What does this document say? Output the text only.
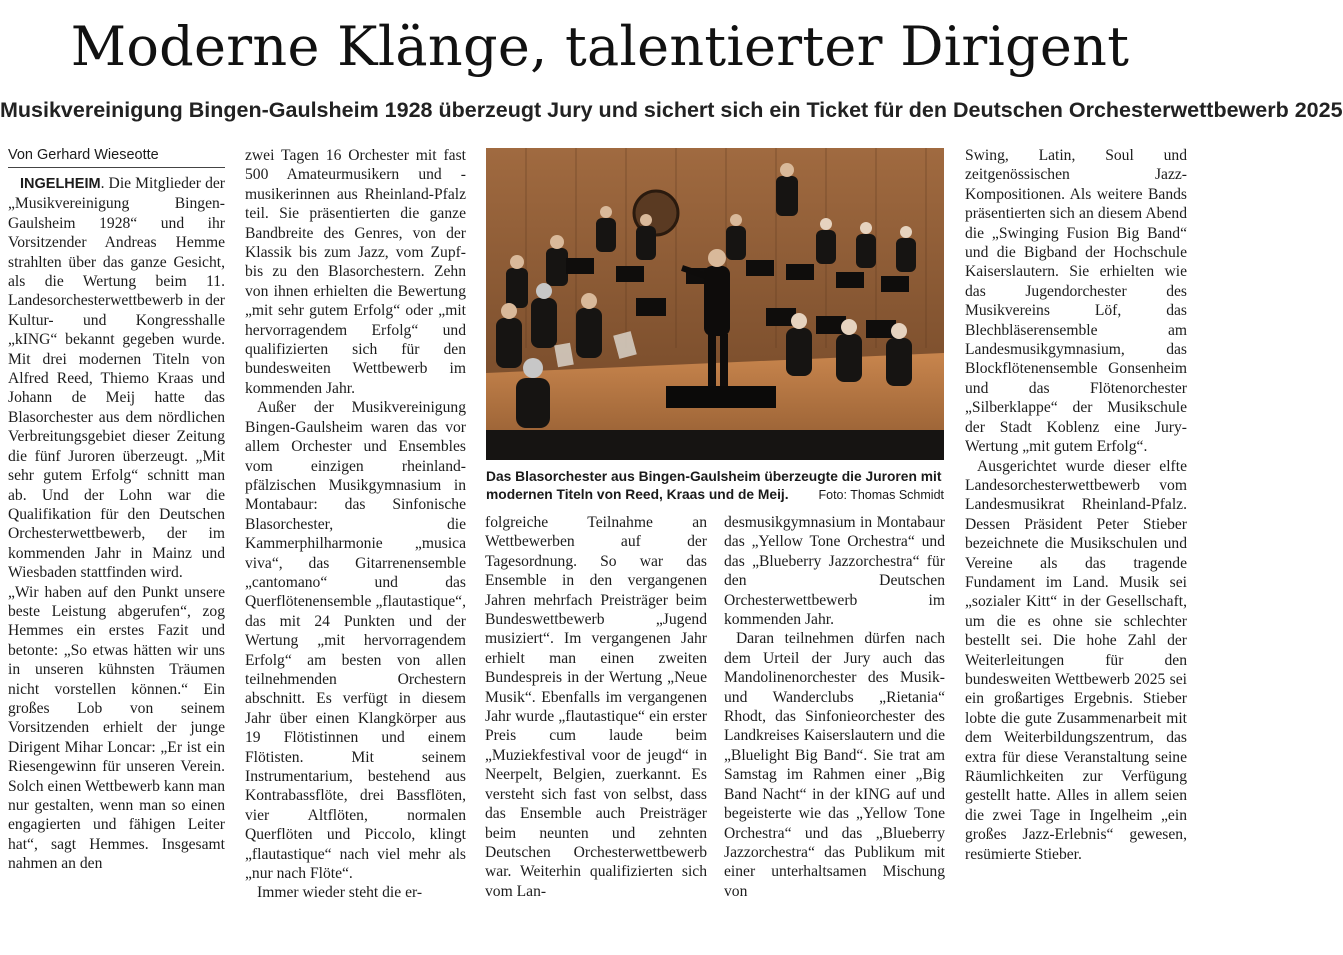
Moderne Klänge, talentierter Dirigent
Musikvereinigung Bingen-Gaulsheim 1928 überzeugt Jury und sichert sich ein Ticket für den Deutschen Orchesterwettbewerb 2025
Von Gerhard Wieseotte

INGELHEIM. Die Mitglieder der „Musikvereinigung Bingen-Gaulsheim 1928“ und ihr Vorsitzender Andreas Hemme strahlten über das ganze Gesicht, als die Wertung beim 11. Landesorchesterwettbewerb in der Kultur- und Kongresshalle „kING“ bekannt gegeben wurde. Mit drei modernen Titeln von Alfred Reed, Thiemo Kraas und Johann de Meij hatte das Blasorchester aus dem nördlichen Verbreitungsgebiet dieser Zeitung die fünf Juroren überzeugt. „Mit sehr gutem Erfolg“ schnitt man ab. Und der Lohn war die Qualifikation für den Deutschen Orchesterwettbewerb, der im kommenden Jahr in Mainz und Wiesbaden stattfinden wird.

„Wir haben auf den Punkt unsere beste Leistung abgerufen“, zog Hemmes ein erstes Fazit und betonte: „So etwas hätten wir uns in unseren kühnsten Träumen nicht vorstellen können.“ Ein großes Lob von seinem Vorsitzenden erhielt der junge Dirigent Mihar Loncar: „Er ist ein Riesengewinn für unseren Verein. Solch einen Wettbewerb kann man nur gestalten, wenn man so einen engagierten und fähigen Leiter hat“, sagt Hemmes. Insgesamt nahmen an den

zwei Tagen 16 Orchester mit fast 500 Amateurmusikern und -musikerinnen aus Rheinland-Pfalz teil. Sie präsentierten die ganze Bandbreite des Genres, von der Klassik bis zum Jazz, vom Zupf- bis zu den Blasorchestern. Zehn von ihnen erhielten die Bewertung „mit sehr gutem Erfolg“ oder „mit hervorragendem Erfolg“ und qualifizierten sich für den bundesweiten Wettbewerb im kommenden Jahr.

Außer der Musikvereinigung Bingen-Gaulsheim waren das vor allem Orchester und Ensembles vom einzigen rheinland-pfälzischen Musikgymnasium in Montabaur: das Sinfonische Blasorchester, die Kammerphilharmonie „musica viva“, das Gitarrenensemble „cantomano“ und das Querflötenensemble „flautastique“, das mit 24 Punkten und der Wertung „mit hervorragendem Erfolg“ am besten von allen teilnehmenden Orchestern abschnitt. Es verfügt in diesem Jahr über einen Klangkörper aus 19 Flötistinnen und einem Flötisten. Mit seinem Instrumentarium, bestehend aus Kontrabassflöte, drei Bassflöten, vier Altflöten, normalen Querflöten und Piccolo, klingt „flautastique“ nach viel mehr als „nur nach Flöte“.

Immer wieder steht die er-

Das Blasorchester aus Bingen-Gaulsheim überzeugte die Juroren mit modernen Titeln von Reed, Kraas und de Meij. Foto: Thomas Schmidt

folgreiche Teilnahme an Wettbewerben auf der Tagesordnung. So war das Ensemble in den vergangenen Jahren mehrfach Preisträger beim Bundeswettbewerb „Jugend musiziert“. Im vergangenen Jahr erhielt man einen zweiten Bundespreis in der Wertung „Neue Musik“. Ebenfalls im vergangenen Jahr wurde „flautastique“ ein erster Preis cum laude beim „Muziekfestival voor de jeugd“ in Neerpelt, Belgien, zuerkannt. Es versteht sich fast von selbst, dass das Ensemble auch Preisträger beim neunten und zehnten Deutschen Orchesterwettbewerb war. Weiterhin qualifizierten sich vom Lan-

desmusikgymnasium in Montabaur das „Yellow Tone Orchestra“ und das „Blueberry Jazzorchestra“ für den Deutschen Orchesterwettbewerb im kommenden Jahr.

Daran teilnehmen dürfen nach dem Urteil der Jury auch das Mandolinenorchester des Musik- und Wanderclubs „Rietania“ Rhodt, das Sinfonieorchester des Landkreises Kaiserslautern und die „Bluelight Big Band“. Sie trat am Samstag im Rahmen einer „Big Band Nacht“ in der kING auf und begeisterte wie das „Yellow Tone Orchestra“ und das „Blueberry Jazzorchestra“ das Publikum mit einer unterhaltsamen Mischung von

Swing, Latin, Soul und zeitgenössischen Jazz-Kompositionen. Als weitere Bands präsentierten sich an diesem Abend die „Swinging Fusion Big Band“ und die Bigband der Hochschule Kaiserslautern. Sie erhielten wie das Jugendorchester des Musikvereins Löf, das Blechbläserensemble am Landesmusikgymnasium, das Blockflötenensemble Gonsenheim und das Flötenorchester „Silberklappe“ der Musikschule der Stadt Koblenz eine Jury-Wertung „mit gutem Erfolg“.

Ausgerichtet wurde dieser elfte Landesorchesterwettbewerb vom Landesmusikrat Rheinland-Pfalz. Dessen Präsident Peter Stieber bezeichnete die Musikschulen und Vereine als das tragende Fundament im Land. Musik sei „sozialer Kitt“ in der Gesellschaft, um die es ohne sie schlechter bestellt sei. Die hohe Zahl der Weiterleitungen für den bundesweiten Wettbewerb 2025 sei ein großartiges Ergebnis. Stieber lobte die gute Zusammenarbeit mit dem Weiterbildungszentrum, das extra für diese Veranstaltung seine Räumlichkeiten zur Verfügung gestellt hatte. Alles in allem seien die zwei Tage in Ingelheim „ein großes Jazz-Erlebnis“ gewesen, resümierte Stieber.
